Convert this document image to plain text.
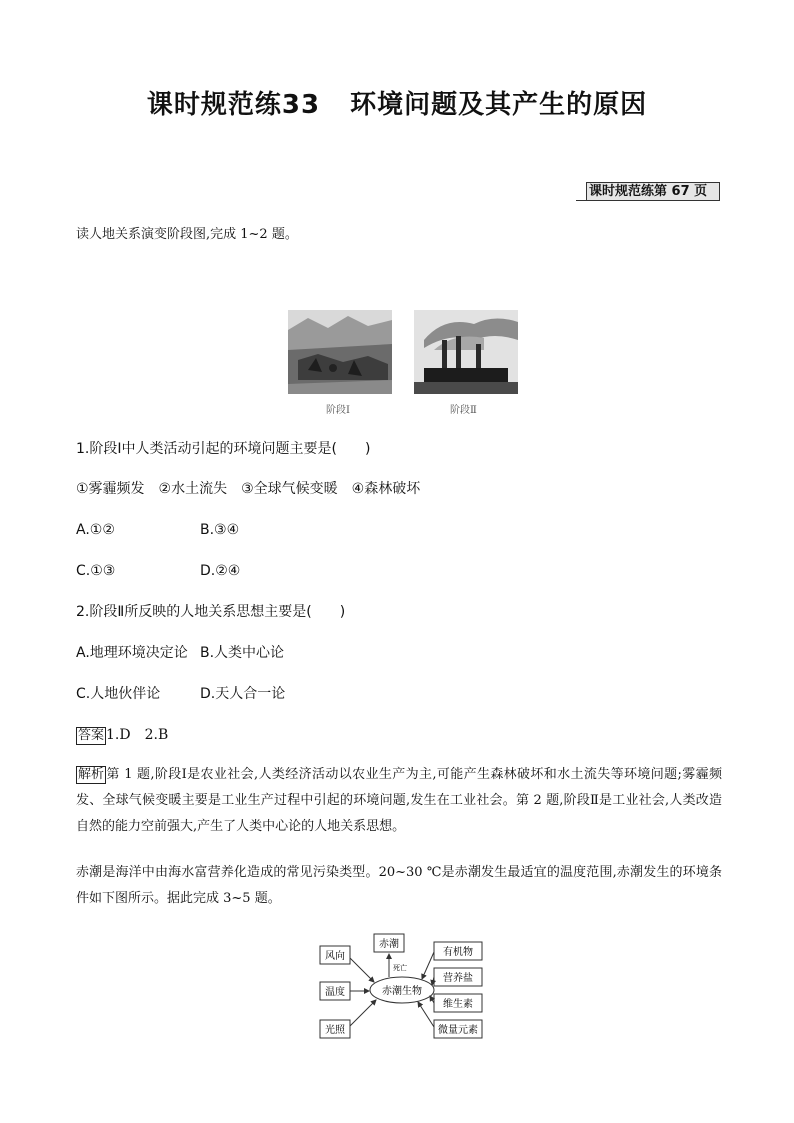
课时规范练33 环境问题及其产生的原因
课时规范练第 67 页
读人地关系演变阶段图,完成 1~2 题。
阶段Ⅰ	阶段Ⅱ
1.阶段Ⅰ中人类活动引起的环境问题主要是(　　)
①雾霾频发　②水土流失　③全球气候变暖　④森林破坏
A.①②	B.③④
C.①③	D.②④
2.阶段Ⅱ所反映的人地关系思想主要是(　　)
A.地理环境决定论 B.人类中心论
C.人地伙伴论	D.天人合一论
答案 1.D　2.B
解析 第 1 题,阶段Ⅰ是农业社会,人类经济活动以农业生产为主,可能产生森林破坏和水土流失等环境问题;雾霾频发、全球气候变暖主要是工业生产过程中引起的环境问题,发生在工业社会。第 2 题,阶段Ⅱ是工业社会,人类改造自然的能力空前强大,产生了人类中心论的人地关系思想。
赤潮是海洋中由海水富营养化造成的常见污染类型。20~30 ℃是赤潮发生最适宜的温度范围,赤潮发生的环境条件如下图所示。据此完成 3~5 题。
赤潮生物
赤潮
死亡
风向
温度
光照
有机物
营养盐
维生素
微量元素
